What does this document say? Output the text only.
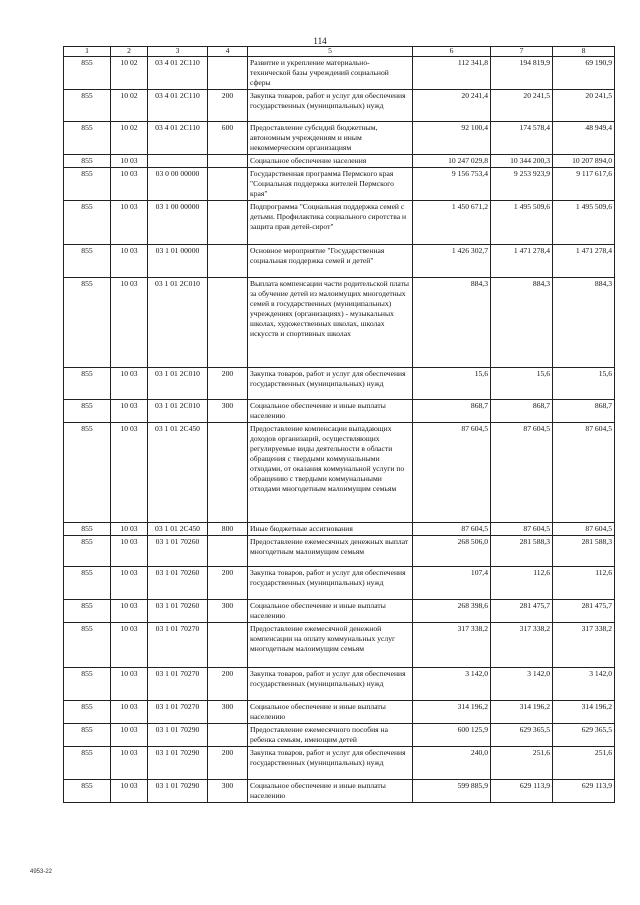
114
1	2	3	4	5	6	7	8
855	10 02	03 4 01 2С110		Развитие и укрепление материально-технической базы учреждений социальной сферы	112 341,8	194 819,9	69 190,9
855	10 02	03 4 01 2С110	200	Закупка товаров, работ и услуг для обеспечения государственных (муниципальных) нужд	20 241,4	20 241,5	20 241,5
855	10 02	03 4 01 2С110	600	Предоставление субсидий бюджетным, автономным учреждениям и иным некоммерческим организациям	92 100,4	174 578,4	48 949,4
855	10 03			Социальное обеспечение населения	10 247 029,8	10 344 200,3	10 207 894,0
855	10 03	03 0 00 00000		Государственная программа Пермского края "Социальная поддержка жителей Пермского края"	9 156 753,4	9 253 923,9	9 117 617,6
855	10 03	03 1 00 00000		Подпрограмма "Социальная поддержка семей с детьми. Профилактика социального сиротства и защита прав детей-сирот"	1 450 671,2	1 495 509,6	1 495 509,6
855	10 03	03 1 01 00000		Основное мероприятие "Государственная социальная поддержка семей и детей"	1 426 302,7	1 471 278,4	1 471 278,4
855	10 03	03 1 01 2С010		Выплата компенсации части родительской платы за обучение детей из малоимущих многодетных семей в государственных (муниципальных) учреждениях (организациях) - музыкальных школах, художественных школах, школах искусств и спортивных школах	884,3	884,3	884,3
855	10 03	03 1 01 2С010	200	Закупка товаров, работ и услуг для обеспечения государственных (муниципальных) нужд	15,6	15,6	15,6
855	10 03	03 1 01 2С010	300	Социальное обеспечение и иные выплаты населению	868,7	868,7	868,7
855	10 03	03 1 01 2С450		Предоставление компенсации выпадающих доходов организаций, осуществляющих регулируемые виды деятельности в области обращения с твердыми коммунальными отходами, от оказания коммунальной услуги по обращению с твердыми коммунальными отходами многодетным малоимущим семьям	87 604,5	87 604,5	87 604,5
855	10 03	03 1 01 2С450	800	Иные бюджетные ассигнования	87 604,5	87 604,5	87 604,5
855	10 03	03 1 01 70260		Предоставление ежемесячных денежных выплат многодетным малоимущим семьям	268 506,0	281 588,3	281 588,3
855	10 03	03 1 01 70260	200	Закупка товаров, работ и услуг для обеспечения государственных (муниципальных) нужд	107,4	112,6	112,6
855	10 03	03 1 01 70260	300	Социальное обеспечение и иные выплаты населению	268 398,6	281 475,7	281 475,7
855	10 03	03 1 01 70270		Предоставление ежемесячной денежной компенсации на оплату коммунальных услуг многодетным малоимущим семьям	317 338,2	317 338,2	317 338,2
855	10 03	03 1 01 70270	200	Закупка товаров, работ и услуг для обеспечения государственных (муниципальных) нужд	3 142,0	3 142,0	3 142,0
855	10 03	03 1 01 70270	300	Социальное обеспечение и иные выплаты населению	314 196,2	314 196,2	314 196,2
855	10 03	03 1 01 70290		Предоставление ежемесячного пособия на ребенка семьям, имеющим детей	600 125,9	629 365,5	629 365,5
855	10 03	03 1 01 70290	200	Закупка товаров, работ и услуг для обеспечения государственных (муниципальных) нужд	240,0	251,6	251,6
855	10 03	03 1 01 70290	300	Социальное обеспечение и иные выплаты населению	599 885,9	629 113,9	629 113,9
4953-22
